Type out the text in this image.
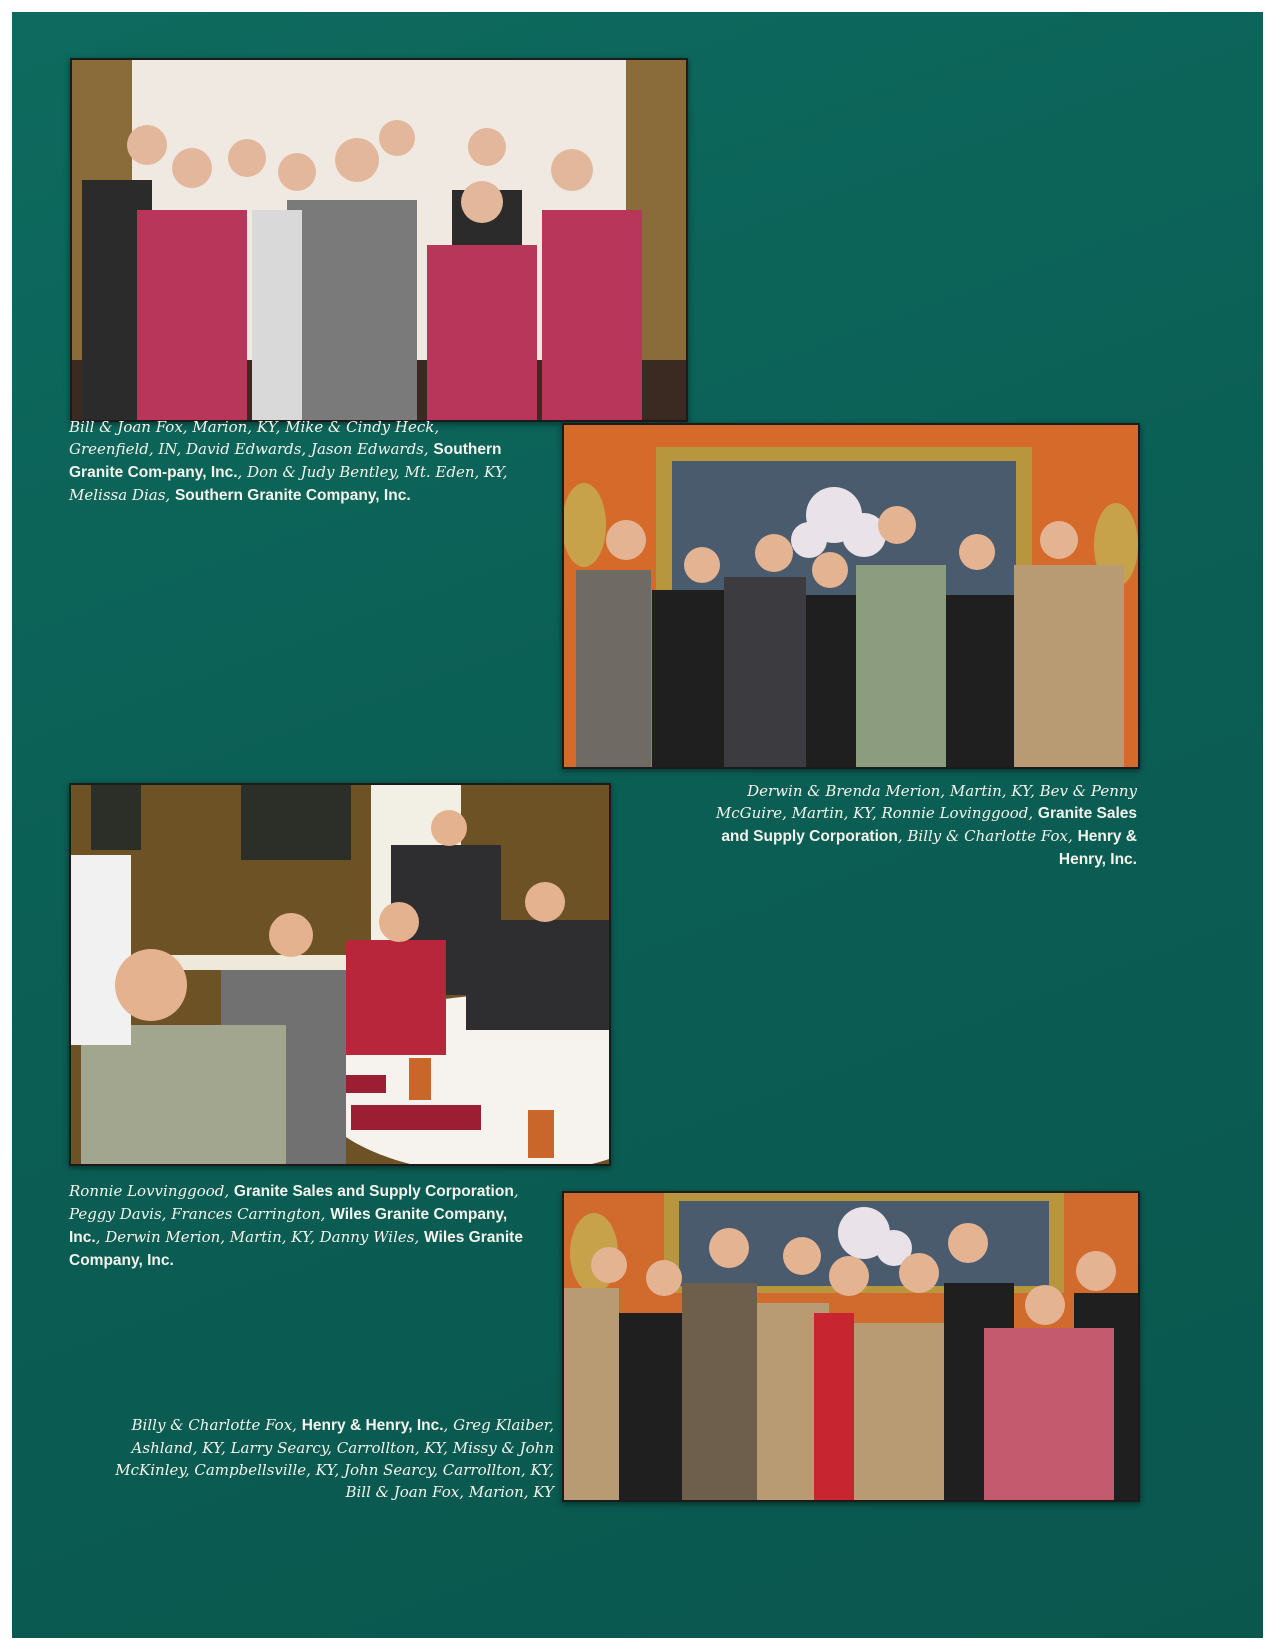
Bill & Joan Fox, Marion, KY, Mike & Cindy Heck, Greenfield, IN, David Edwards, Jason Edwards, Southern Granite Com-pany, Inc., Don & Judy Bentley, Mt. Eden, KY, Melissa Dias, Southern Granite Company, Inc.
Derwin & Brenda Merion, Martin, KY, Bev & Penny McGuire, Martin, KY, Ronnie Lovinggood, Granite Sales and Supply Corporation, Billy & Charlotte Fox, Henry & Henry, Inc.
Ronnie Lovvinggood, Granite Sales and Supply Corporation, Peggy Davis, Frances Carrington, Wiles Granite Company, Inc., Derwin Merion, Martin, KY, Danny Wiles, Wiles Granite Company, Inc.
Billy & Charlotte Fox, Henry & Henry, Inc., Greg Klaiber, Ashland, KY, Larry Searcy, Carrollton, KY, Missy & John McKinley, Campbellsville, KY, John Searcy, Carrollton, KY, Bill & Joan Fox, Marion, KY
